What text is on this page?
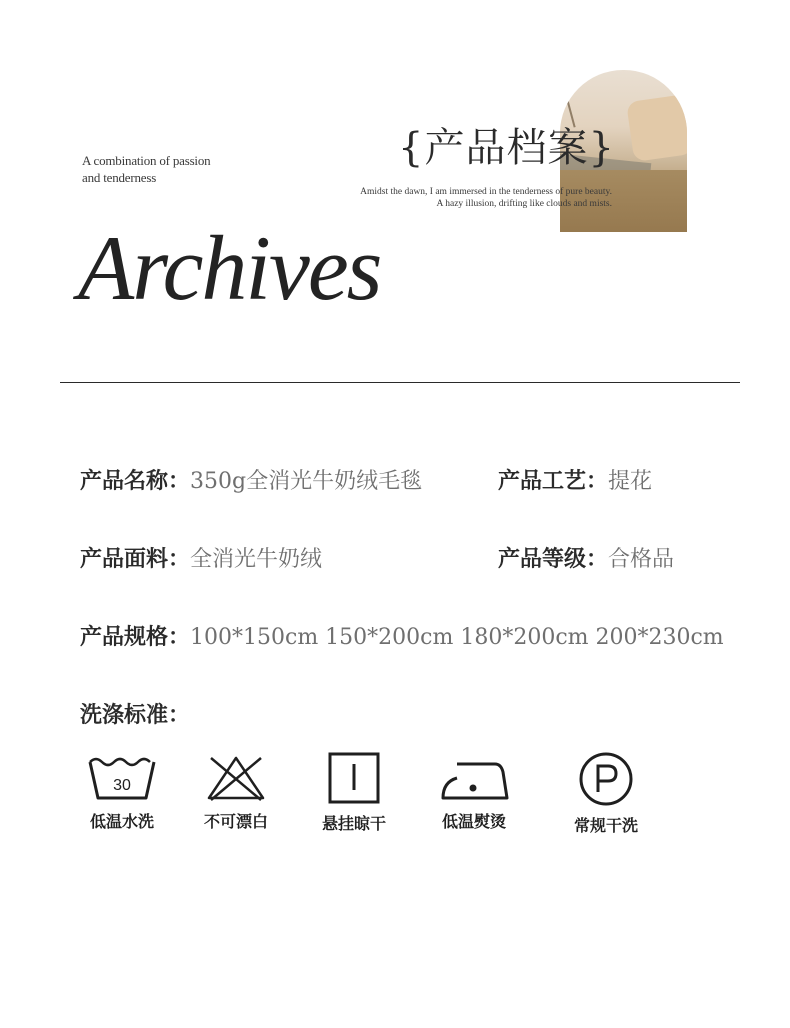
A combination of passion
and tenderness
{产品档案}
Amidst the dawn, I am immersed in the tenderness of pure beauty.
A hazy illusion, drifting like clouds and mists.
Archives
产品名称：350g全消光牛奶绒毛毯	产品工艺：提花
产品面料：全消光牛奶绒	产品等级：合格品
产品规格：100*150cm 150*200cm 180*200cm 200*230cm
洗涤标准：
30
低温水洗	不可漂白	悬挂晾干	低温熨烫	常规干洗
